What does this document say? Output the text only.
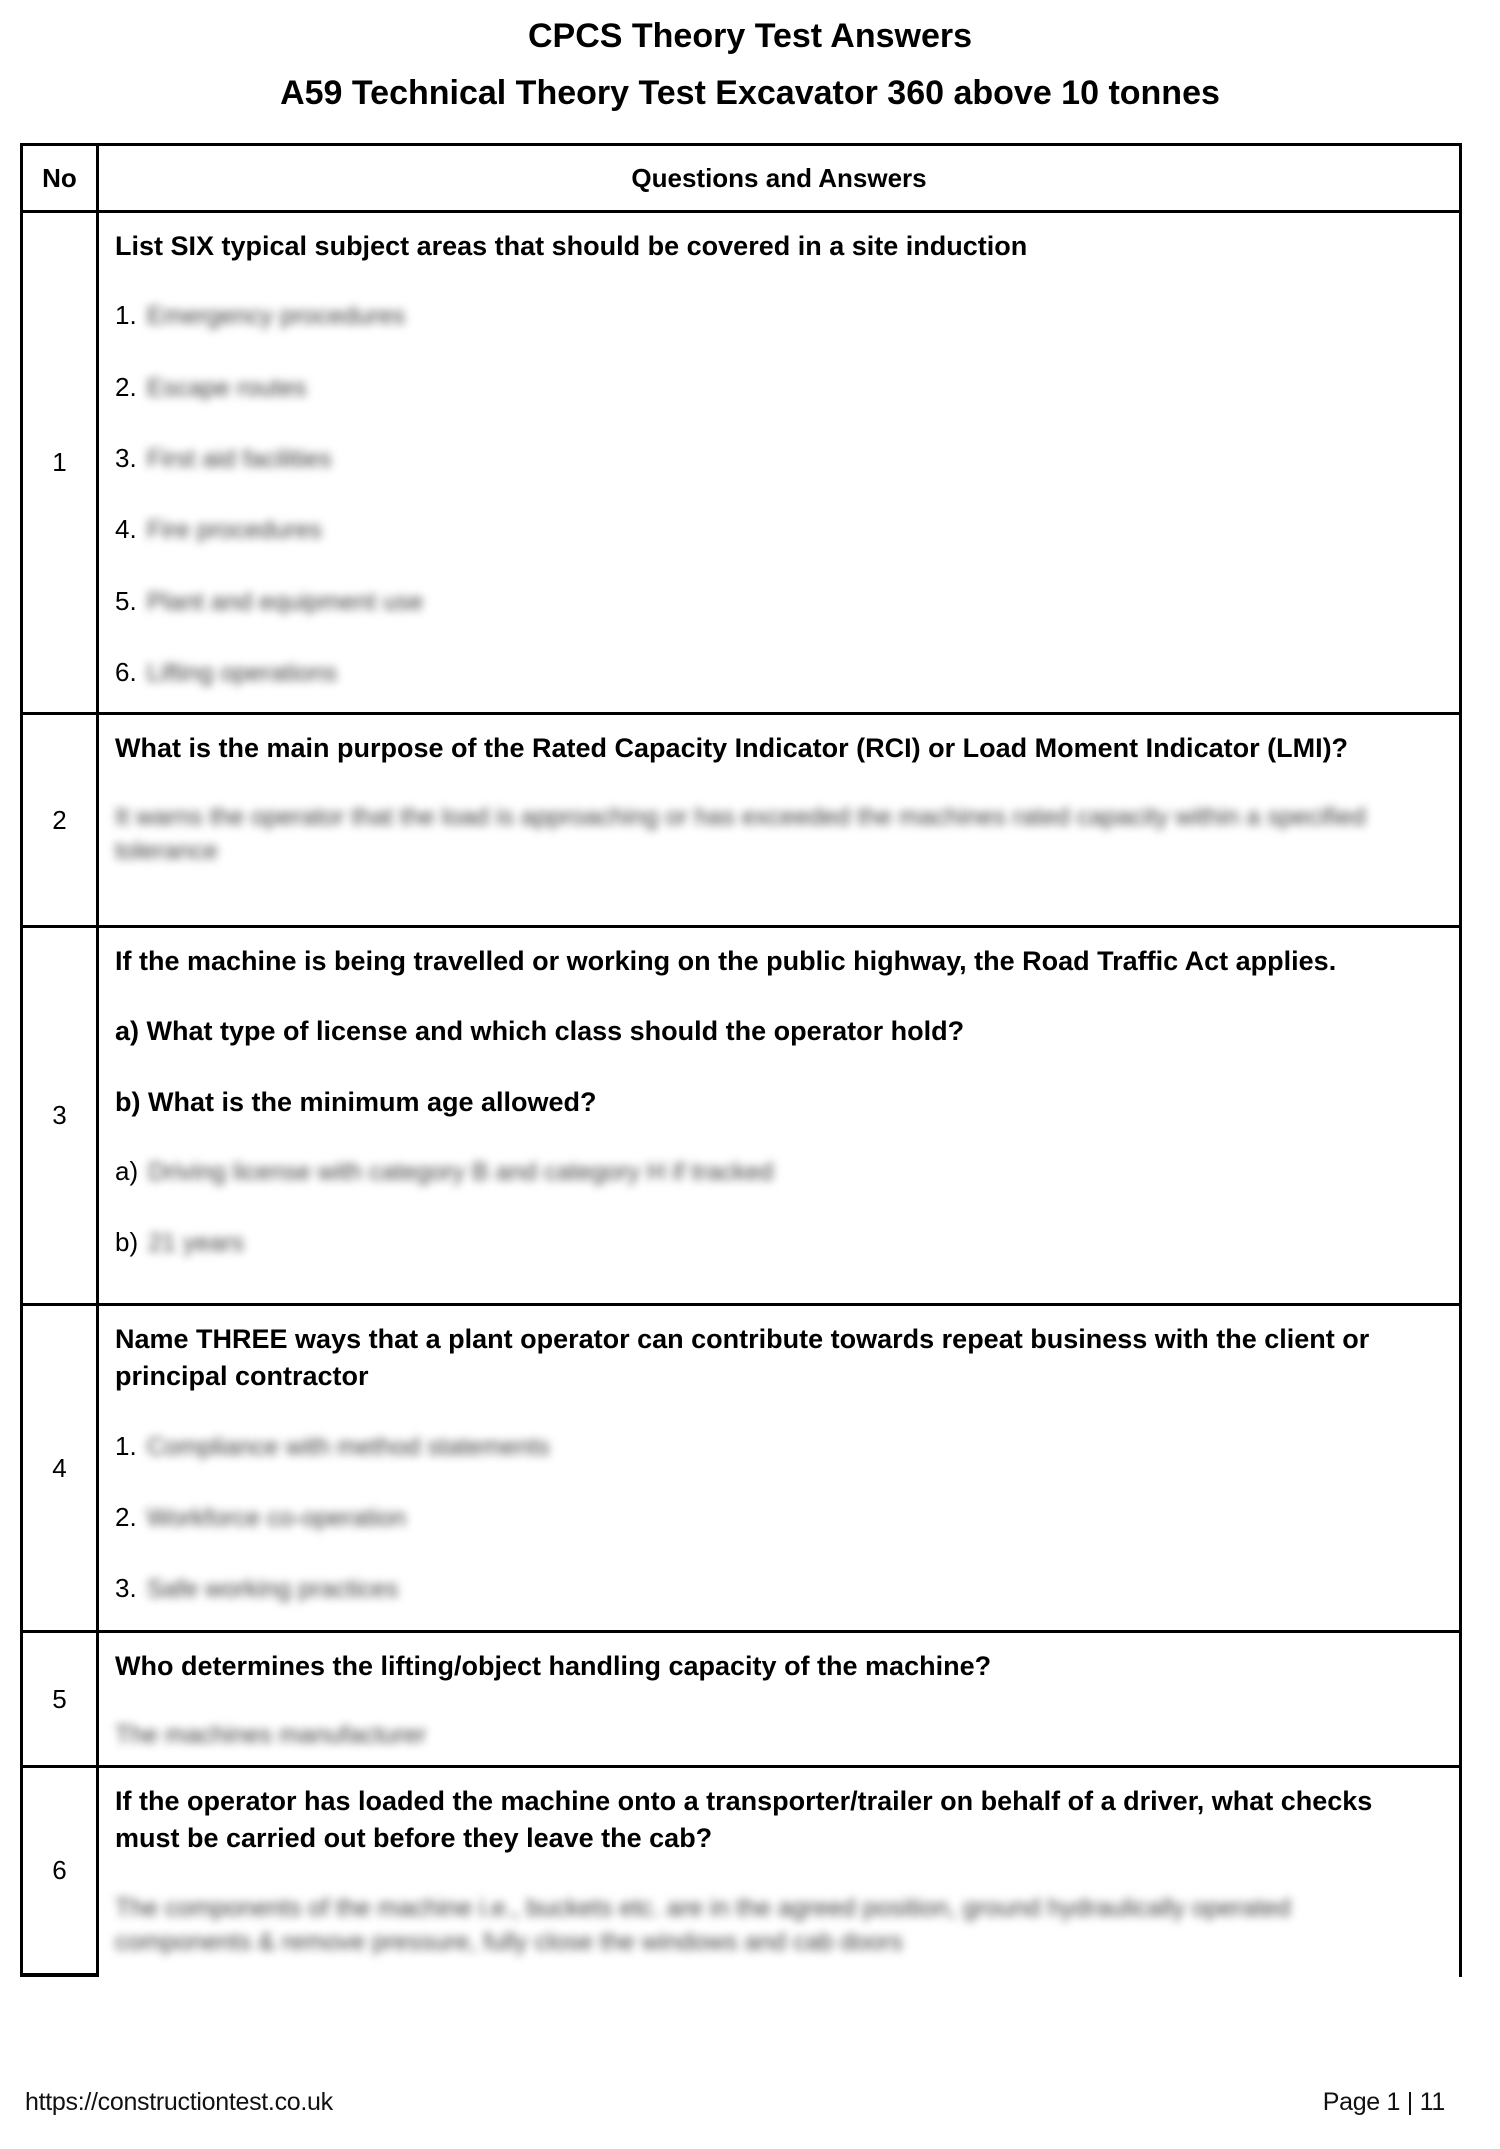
CPCS Theory Test Answers
A59 Technical Theory Test Excavator 360 above 10 tonnes
No	Questions and Answers
1

List SIX typical subject areas that should be covered in a site induction

1. Emergency procedures

2. Escape routes

3. First aid facilities

4. Fire procedures

5. Plant and equipment use

6. Lifting operations

2

What is the main purpose of the Rated Capacity Indicator (RCI) or Load Moment Indicator (LMI)?

It warns the operator that the load is approaching or has exceeded the machines rated capacity within a specified tolerance

3

If the machine is being travelled or working on the public highway, the Road Traffic Act applies.

a) What type of license and which class should the operator hold?

b) What is the minimum age allowed?

a) Driving license with category B and category H if tracked

b) 21 years

4

Name THREE ways that a plant operator can contribute towards repeat business with the client or principal contractor

1. Compliance with method statements

2. Workforce co-operation

3. Safe working practices

5

Who determines the lifting/object handling capacity of the machine?

The machines manufacturer

6

If the operator has loaded the machine onto a transporter/trailer on behalf of a driver, what checks must be carried out before they leave the cab?

The components of the machine i.e., buckets etc. are in the agreed position, ground hydraulically operated components & remove pressure, fully close the windows and cab doors

https://constructiontest.co.uk	Page 1 | 11
